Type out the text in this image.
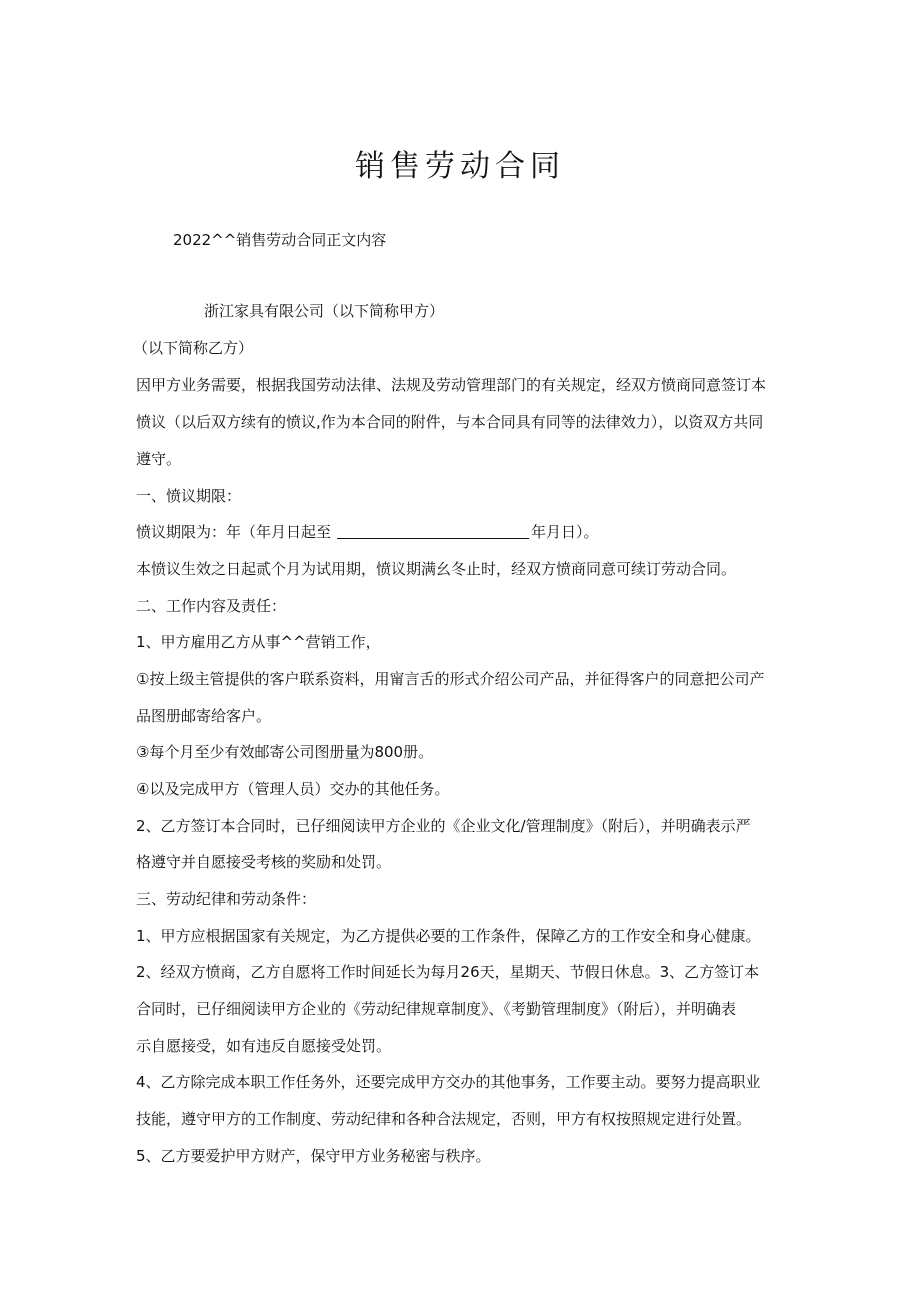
销售劳动合同

2022^^销售劳动合同正文内容

浙江家具有限公司（以下简称甲方）

（以下简称乙方）

因甲方业务需要，根据我国劳动法律、法规及劳动管理部门的有关规定，经双方愤商同意签订本

愤议（以后双方续有的愤议,作为本合同的附件，与本合同具有同等的法律效力），以资双方共同

遵守。

一、愤议期限：

愤议期限为：年（年月日起至	年月日）。

本愤议生效之日起贰个月为试用期，愤议期满幺冬止时，经双方愤商同意可续订劳动合同。

二、工作内容及责任：

1、甲方雇用乙方从事^^营销工作，

①按上级主管提供的客户联系资料，用甯言舌的形式介绍公司产品，并征得客户的同意把公司产

品图册邮寄给客户。

③每个月至少有效邮寄公司图册量为800册。

④以及完成甲方（管理人员）交办的其他任务。

2、乙方签订本合同时，已仔细阅读甲方企业的《企业文化/管理制度》（附后），并明确表示严

格遵守并自愿接受考核的奖励和处罚。

三、劳动纪律和劳动条件：

1、甲方应根据国家有关规定，为乙方提供必要的工作条件，保障乙方的工作安全和身心健康。

2、经双方愤商，乙方自愿将工作时间延长为每月26天，星期天、节假日休息。3、乙方签订本

合同时，已仔细阅读甲方企业的《劳动纪律规章制度》、《考勤管理制度》（附后），并明确表

示自愿接受，如有违反自愿接受处罚。

4、乙方除完成本职工作任务外，还要完成甲方交办的其他事务，工作要主动。要努力提高职业

技能，遵守甲方的工作制度、劳动纪律和各种合法规定，否则，甲方有权按照规定进行处置。

5、乙方要爱护甲方财产，保守甲方业务秘密与秩序。
